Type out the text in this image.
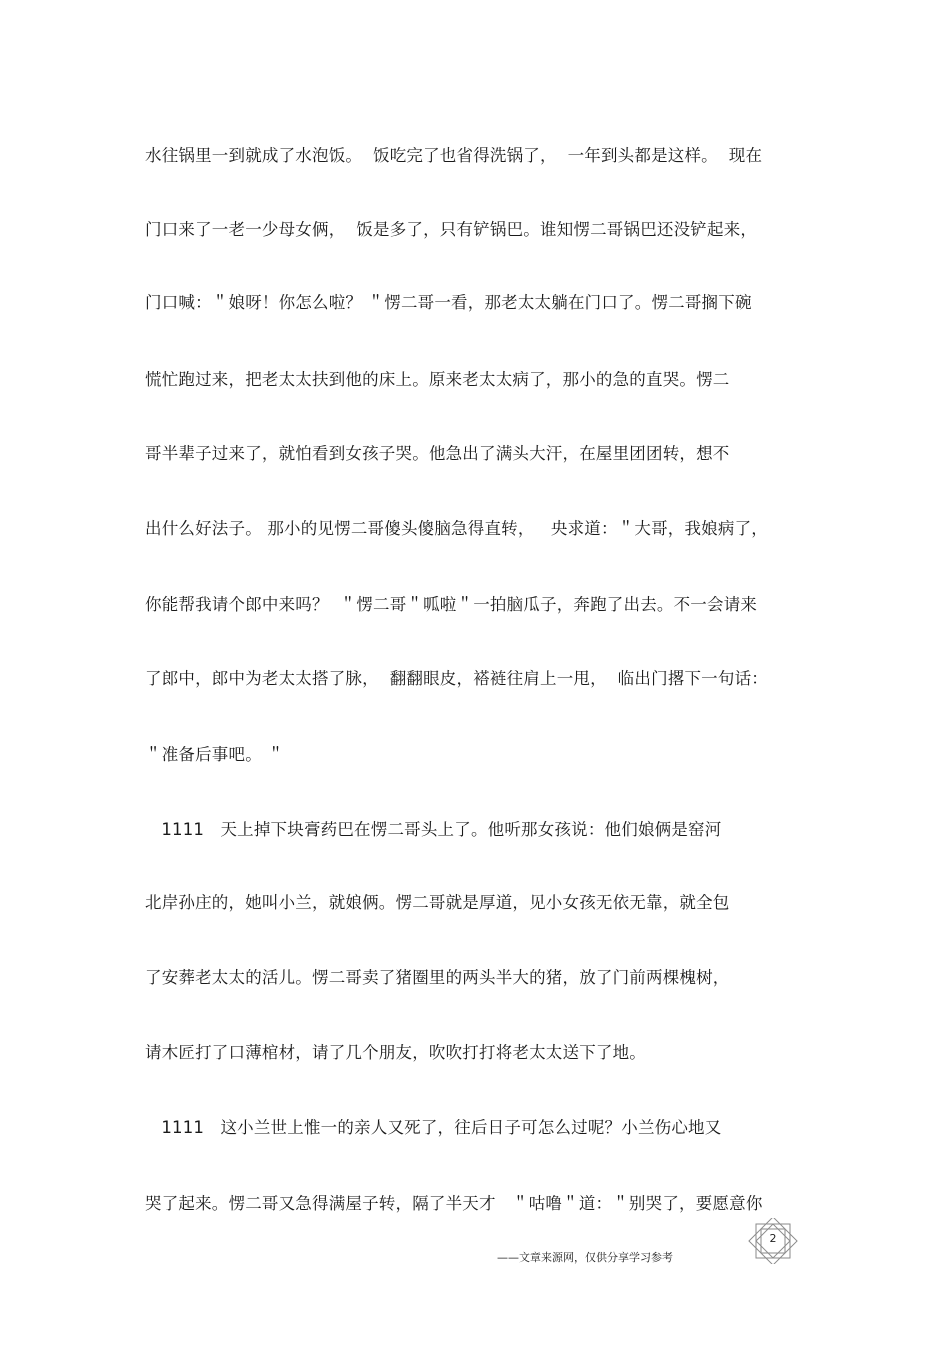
水往锅里一到就成了水泡饭。  饭吃完了也省得洗锅了，  一年到头都是这样。  现在
门口来了一老一少母女俩，  饭是多了，只有铲锅巴。谁知愣二哥锅巴还没铲起来，
门口喊：＂娘呀！你怎么啦？ ＂愣二哥一看，那老太太躺在门口了。愣二哥搁下碗
慌忙跑过来，把老太太扶到他的床上。原来老太太病了，那小的急的直哭。愣二
哥半辈子过来了，就怕看到女孩子哭。他急出了满头大汗，在屋里团团转，想不
出什么好法子。 那小的见愣二哥傻头傻脑急得直转，   央求道：＂大哥，我娘病了，
你能帮我请个郎中来吗？  ＂愣二哥＂呱啦＂一拍脑瓜子，奔跑了出去。不一会请来
了郎中，郎中为老太太搭了脉，  翻翻眼皮，褡裢往肩上一甩，  临出门撂下一句话：
＂准备后事吧。 ＂
1111   天上掉下块膏药巴在愣二哥头上了。他听那女孩说：他们娘俩是窑河
北岸孙庄的，她叫小兰，就娘俩。愣二哥就是厚道，见小女孩无依无靠，就全包
了安葬老太太的活儿。愣二哥卖了猪圈里的两头半大的猪，放了门前两棵槐树，
请木匠打了口薄棺材，请了几个朋友，吹吹打打将老太太送下了地。
1111   这小兰世上惟一的亲人又死了，往后日子可怎么过呢？小兰伤心地又
哭了起来。愣二哥又急得满屋子转，隔了半天才   ＂咕噜＂道：＂别哭了，要愿意你
——文章来源网，仅供分享学习参考
2
